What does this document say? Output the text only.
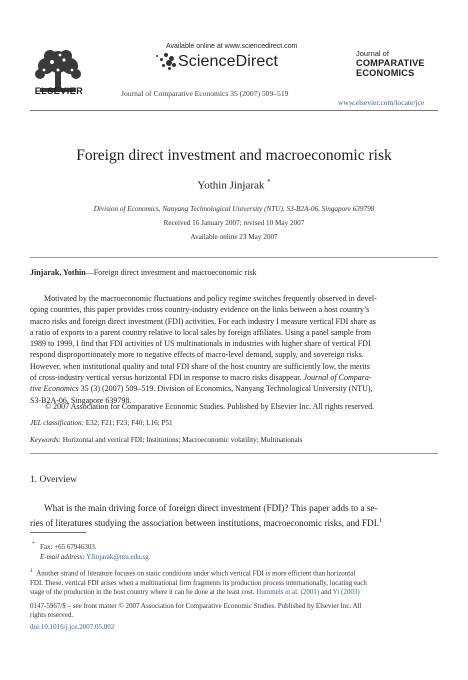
ELSEVIER
Available online at www.sciencedirect.com
ScienceDirect
Journal of Comparative Economics 35 (2007) 509–519
Journal of
COMPARATIVE
ECONOMICS
www.elsevier.com/locate/jce
Foreign direct investment and macroeconomic risk
Yothin Jinjarak *
Division of Economics, Nanyang Technological University (NTU), S3-B2A-06, Singapore 639798
Received 16 January 2007; revised 10 May 2007
Available online 23 May 2007
Jinjarak, Yothin—Foreign direct investment and macroeconomic risk
Motivated by the macroeconomic fluctuations and policy regime switches frequently observed in devel-
oping countries, this paper provides cross country-industry evidence on the links between a host country’s
macro risks and foreign direct investment (FDI) activities. For each industry I measure vertical FDI share as
a ratio of exports to a parent country relative to local sales by foreign affiliates. Using a panel sample from
1989 to 1999, I find that FDI activities of US multinationals in industries with higher share of vertical FDI
respond disproportionately more to negative effects of macro-level demand, supply, and sovereign risks.
However, when institutional quality and total FDI share of the host country are sufficiently low, the merits
of cross-industry vertical versus horizontal FDI in response to macro risks disappear. Journal of Compara-
tive Economics 35 (3) (2007) 509–519. Division of Economics, Nanyang Technological University (NTU),
S3-B2A-06, Singapore 639798.
© 2007 Association for Comparative Economic Studies. Published by Elsevier Inc. All rights reserved.
JEL classification: E32; F21; F23; F40; L16; P51
Keywords: Horizontal and vertical FDI; Institutions; Macroeconomic volatility; Multinationals
1. Overview
What is the main driving force of foreign direct investment (FDI)? This paper adds to a se-
ries of literatures studying the association between institutions, macroeconomic risks, and FDI.$^1$
* Fax: +65 67946303.
E-mail address: YJinjarak@ntu.edu.sg.
$^1$ Another strand of literature focuses on static conditions under which vertical FDI is more efficient than horizontal
FDI. These, vertical FDI arises when a multinational firm fragments its production process internationally, locating each
stage of the production in the host country where it can be done at the least cost. Hummels et al. (2001) and Yi (2003)
0147-5967/$ – see front matter © 2007 Association for Comparative Economic Studies. Published by Elsevier Inc. All
rights reserved.
doi:10.1016/j.jce.2007.05.002
